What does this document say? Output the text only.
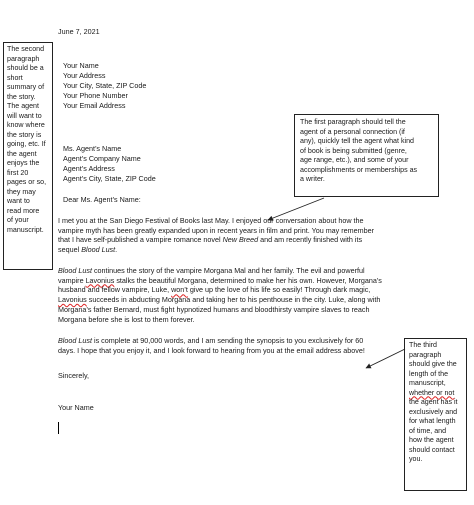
June 7, 2021
Your Name
Your Address
Your City, State, ZIP Code
Your Phone Number
Your Email Address
Ms. Agent’s Name
Agent’s Company Name
Agent’s Address
Agent’s City, State, ZIP Code
Dear Ms. Agent’s Name:

I met you at the San Diego Festival of Books last May. I enjoyed our conversation about how the

vampire myth has been greatly expanded upon in recent years in film and print. You may remember

that I have self-published a vampire romance novel New Breed and am recently finished with its

sequel Blood Lust.

Blood Lust continues the story of the vampire Morgana Mal and her family. The evil and powerful

vampire Lavonius stalks the beautiful Morgana, determined to make her his own. However, Morgana’s

husband and fellow vampire, Luke, won’t give up the love of his life so easily! Through dark magic,

Lavonius succeeds in abducting Morgana and taking her to his penthouse in the city. Luke, along with

Morgana’s father Bernard, must fight hypnotized humans and bloodthirsty vampire slaves to reach

Morgana before she is lost to them forever.

Blood Lust is complete at 90,000 words, and I am sending the synopsis to you exclusively for 60

days. I hope that you enjoy it, and I look forward to hearing from you at the email address above!

Sincerely,
Your Name
The second
paragraph
should be a
short
summary of
the story.
The agent
will want to
know where
the story is
going, etc. If
the agent
enjoys the
first 20
pages or so,
they may
want to
read more
of your
manuscript.
The first paragraph should tell the
agent of a personal connection (if
any), quickly tell the agent what kind
of book is being submitted (genre,
age range, etc.), and some of your
accomplishments or memberships as
a writer.
The third
paragraph
should give the
length of the
manuscript,
whether or not
the agent has it
exclusively and
for what length
of time, and
how the agent
should contact
you.
